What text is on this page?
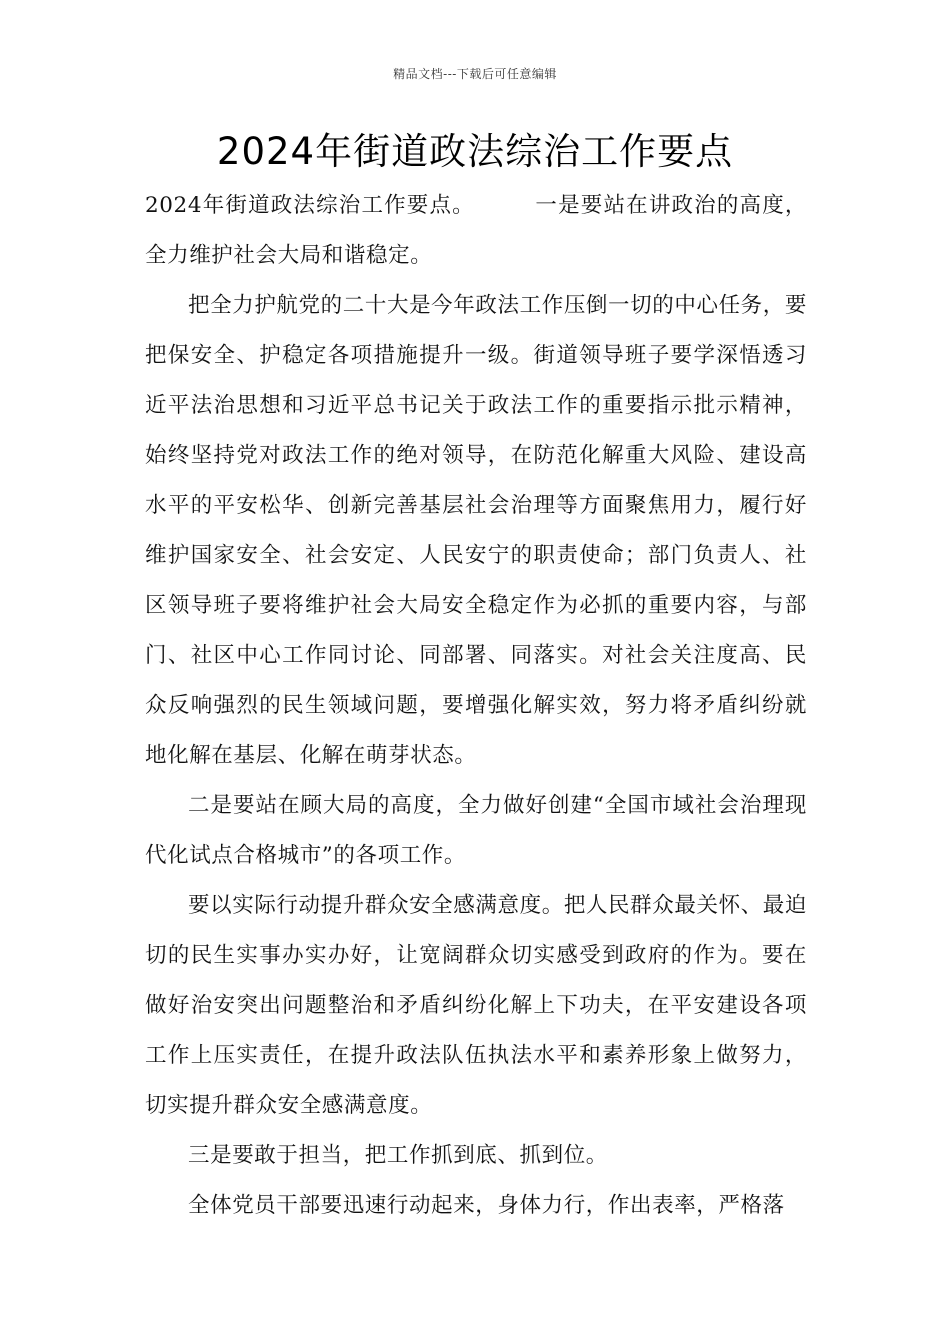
精品文档---下载后可任意编辑
2024年街道政法综治工作要点

2024年街道政法综治工作要点。	一是要站在讲政治的高度，全力维护社会大局和谐稳定。

把全力护航党的二十大是今年政法工作压倒一切的中心任务，要把保安全、护稳定各项措施提升一级。街道领导班子要学深悟透习近平法治思想和习近平总书记关于政法工作的重要指示批示精神，始终坚持党对政法工作的绝对领导，在防范化解重大风险、建设高水平的平安松华、创新完善基层社会治理等方面聚焦用力，履行好维护国家安全、社会安定、人民安宁的职责使命；部门负责人、社区领导班子要将维护社会大局安全稳定作为必抓的重要内容，与部门、社区中心工作同讨论、同部署、同落实。对社会关注度高、民众反响强烈的民生领域问题，要增强化解实效，努力将矛盾纠纷就地化解在基层、化解在萌芽状态。

二是要站在顾大局的高度，全力做好创建“全国市域社会治理现代化试点合格城市”的各项工作。

要以实际行动提升群众安全感满意度。把人民群众最关怀、最迫切的民生实事办实办好，让宽阔群众切实感受到政府的作为。要在做好治安突出问题整治和矛盾纠纷化解上下功夫，在平安建设各项工作上压实责任，在提升政法队伍执法水平和素养形象上做努力，切实提升群众安全感满意度。

三是要敢于担当，把工作抓到底、抓到位。

全体党员干部要迅速行动起来，身体力行，作出表率，严格落
